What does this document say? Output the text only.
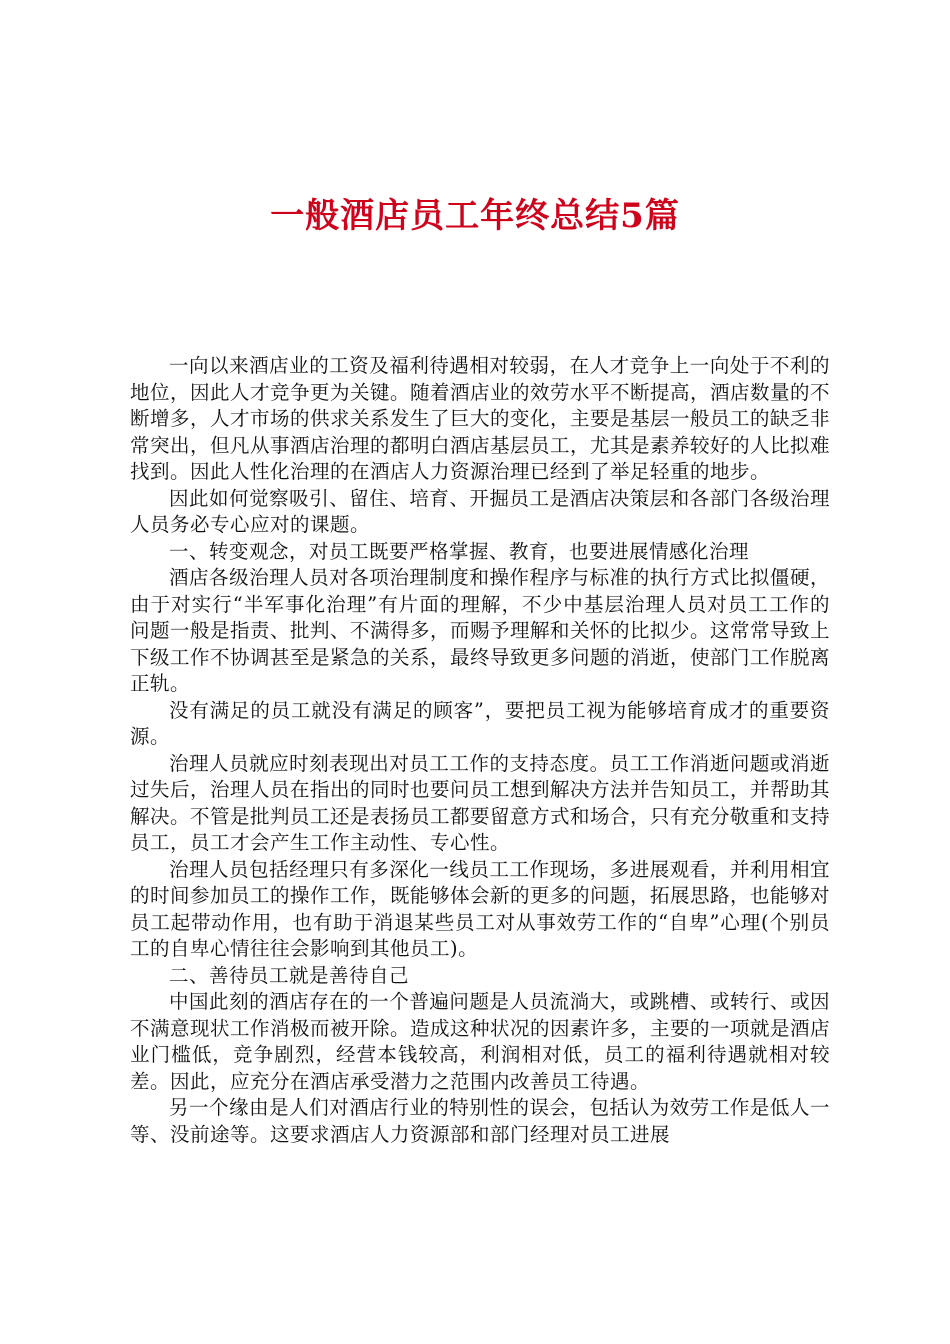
一般酒店员工年终总结5篇

一向以来酒店业的工资及福利待遇相对较弱，在人才竞争上一向处于不利的地位，因此人才竞争更为关键。随着酒店业的效劳水平不断提高，酒店数量的不断增多，人才市场的供求关系发生了巨大的变化，主要是基层一般员工的缺乏非常突出，但凡从事酒店治理的都明白酒店基层员工，尤其是素养较好的人比拟难找到。因此人性化治理的在酒店人力资源治理已经到了举足轻重的地步。

因此如何觉察吸引、留住、培育、开掘员工是酒店决策层和各部门各级治理人员务必专心应对的课题。

一、转变观念，对员工既要严格掌握、教育，也要进展情感化治理

酒店各级治理人员对各项治理制度和操作程序与标准的执行方式比拟僵硬，由于对实行“半军事化治理”有片面的理解，不少中基层治理人员对员工工作的问题一般是指责、批判、不满得多，而赐予理解和关怀的比拟少。这常常导致上下级工作不协调甚至是紧急的关系，最终导致更多问题的消逝，使部门工作脱离正轨。

没有满足的员工就没有满足的顾客”，要把员工视为能够培育成才的重要资源。

治理人员就应时刻表现出对员工工作的支持态度。员工工作消逝问题或消逝过失后，治理人员在指出的同时也要问员工想到解决方法并告知员工，并帮助其解决。不管是批判员工还是表扬员工都要留意方式和场合，只有充分敬重和支持员工，员工才会产生工作主动性、专心性。

治理人员包括经理只有多深化一线员工工作现场，多进展观看，并利用相宜的时间参加员工的操作工作，既能够体会新的更多的问题，拓展思路，也能够对员工起带动作用，也有助于消退某些员工对从事效劳工作的“自卑”心理(个别员工的自卑心情往往会影响到其他员工)。

二、善待员工就是善待自己

中国此刻的酒店存在的一个普遍问题是人员流淌大，或跳槽、或转行、或因不满意现状工作消极而被开除。造成这种状况的因素许多，主要的一项就是酒店业门槛低，竞争剧烈，经营本钱较高，利润相对低，员工的福利待遇就相对较差。因此，应充分在酒店承受潜力之范围内改善员工待遇。

另一个缘由是人们对酒店行业的特别性的误会，包括认为效劳工作是低人一等、没前途等。这要求酒店人力资源部和部门经理对员工进展
